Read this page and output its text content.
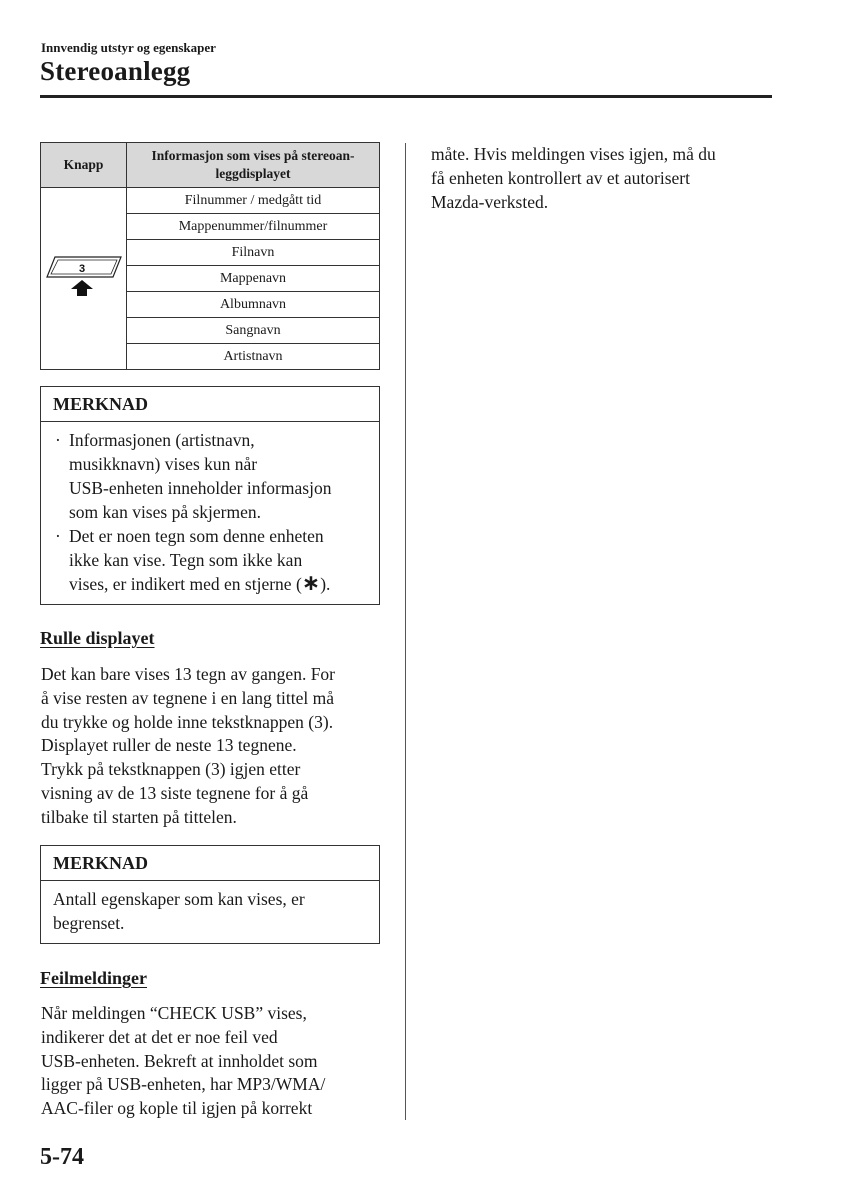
Innvendig utstyr og egenskaper
Stereoanlegg
Knapp	Informasjon som vises på stereoan-
leggdisplayet

3	Filnummer / medgått tid
	Mappenummer/filnummer
	Filnavn
	Mappenavn
	Albumnavn
	Sangnavn
	Artistnavn
MERKNAD
· Informasjonen (artistnavn,
musikknavn) vises kun når
USB-enheten inneholder informasjon
som kan vises på skjermen.
· Det er noen tegn som denne enheten
ikke kan vise. Tegn som ikke kan
vises, er indikert med en stjerne (∗).
Rulle displayet
Det kan bare vises 13 tegn av gangen. For
å vise resten av tegnene i en lang tittel må
du trykke og holde inne tekstknappen (3).
Displayet ruller de neste 13 tegnene.
Trykk på tekstknappen (3) igjen etter
visning av de 13 siste tegnene for å gå
tilbake til starten på tittelen.
MERKNAD
Antall egenskaper som kan vises, er
begrenset.
Feilmeldinger
Når meldingen “CHECK USB” vises,
indikerer det at det er noe feil ved
USB-enheten. Bekreft at innholdet som
ligger på USB-enheten, har MP3/WMA/
AAC-filer og kople til igjen på korrekt
måte. Hvis meldingen vises igjen, må du
få enheten kontrollert av et autorisert
Mazda-verksted.
5-74
